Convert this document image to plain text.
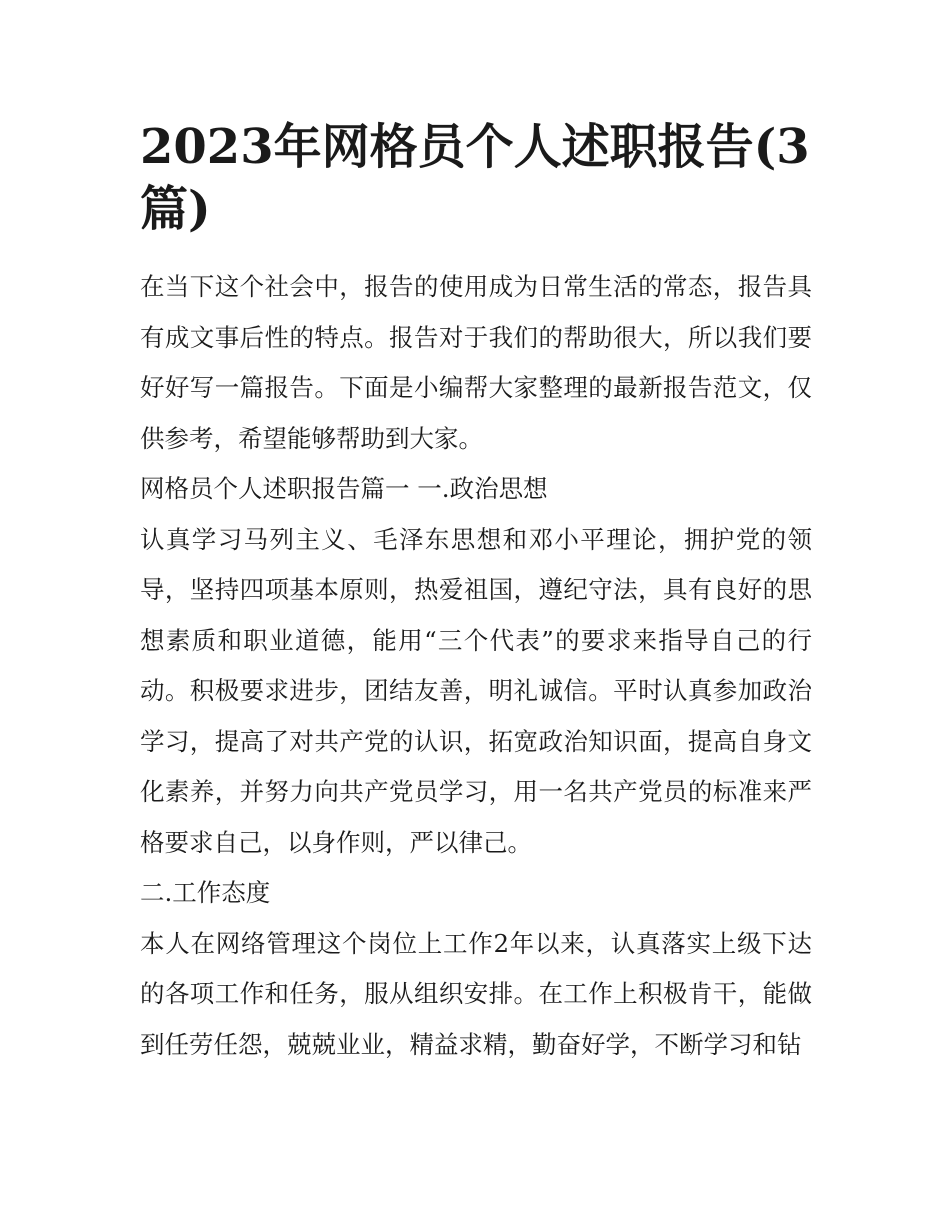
2023年网格员个人述职报告(3篇)

在当下这个社会中，报告的使用成为日常生活的常态，报告具有成文事后性的特点。报告对于我们的帮助很大，所以我们要好好写一篇报告。下面是小编帮大家整理的最新报告范文，仅供参考，希望能够帮助到大家。

网格员个人述职报告篇一 一.政治思想

认真学习马列主义、毛泽东思想和邓小平理论，拥护党的领导，坚持四项基本原则，热爱祖国，遵纪守法，具有良好的思想素质和职业道德，能用“三个代表”的要求来指导自己的行动。积极要求进步，团结友善，明礼诚信。平时认真参加政治学习，提高了对共产党的认识，拓宽政治知识面，提高自身文化素养，并努力向共产党员学习，用一名共产党员的标准来严格要求自己，以身作则，严以律己。

二.工作态度

本人在网络管理这个岗位上工作2年以来，认真落实上级下达的各项工作和任务，服从组织安排。在工作上积极肯干，能做到任劳任怨，兢兢业业，精益求精，勤奋好学，不断学习和钻
